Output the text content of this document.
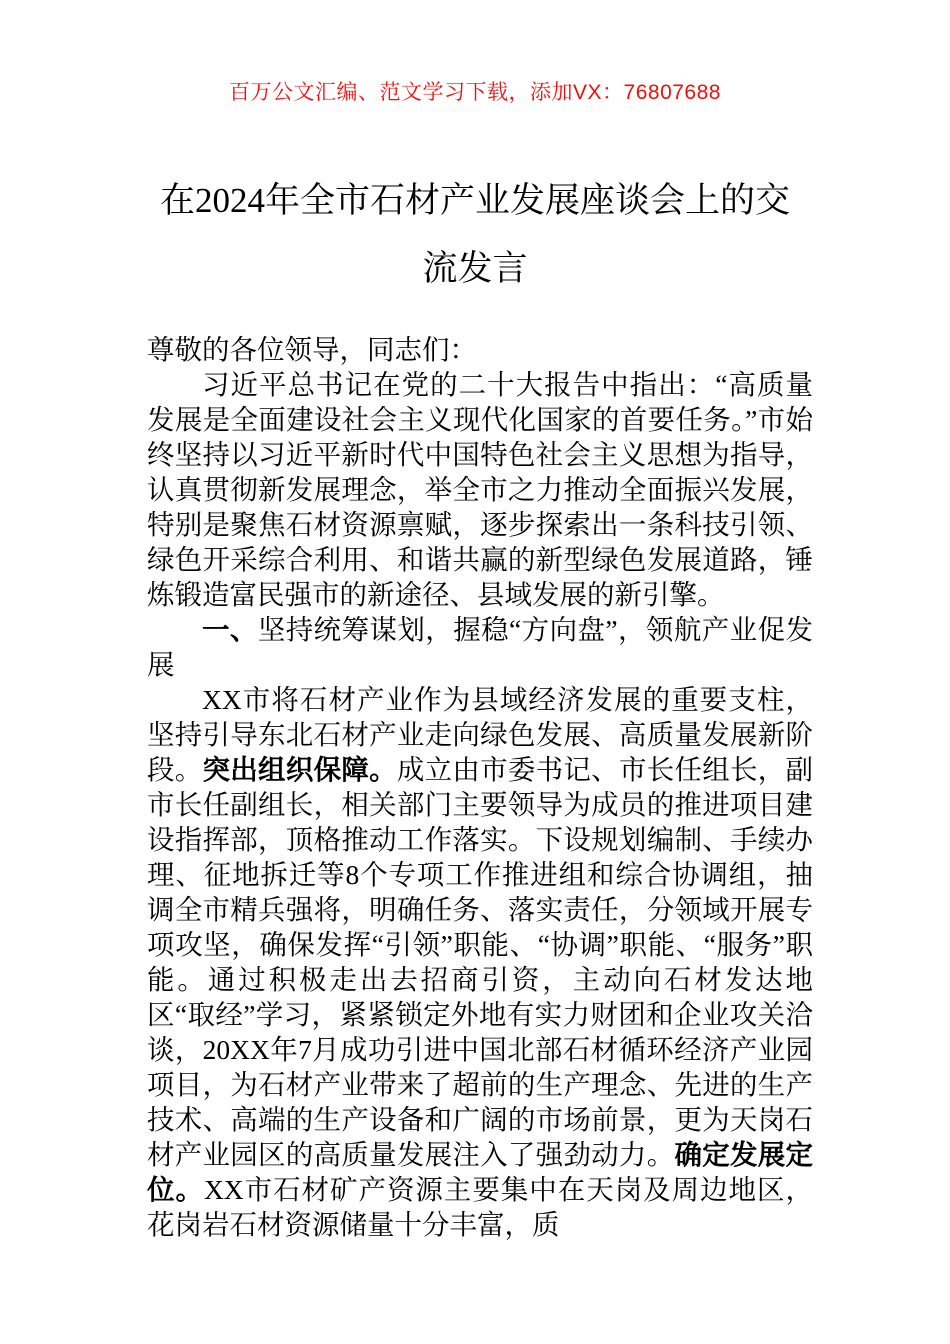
百万公文汇编、范文学习下载，添加VX：76807688
在2024年全市石材产业发展座谈会上的交
流发言

尊敬的各位领导，同志们：

习近平总书记在党的二十大报告中指出：“高质量发展是全面建设社会主义现代化国家的首要任务。”市始终坚持以习近平新时代中国特色社会主义思想为指导，认真贯彻新发展理念，举全市之力推动全面振兴发展，特别是聚焦石材资源禀赋，逐步探索出一条科技引领、绿色开采综合利用、和谐共赢的新型绿色发展道路，锤炼锻造富民强市的新途径、县域发展的新引擎。

一、坚持统筹谋划，握稳“方向盘”，领航产业促发展

XX市将石材产业作为县域经济发展的重要支柱，坚持引导东北石材产业走向绿色发展、高质量发展新阶段。突出组织保障。成立由市委书记、市长任组长，副市长任副组长，相关部门主要领导为成员的推进项目建设指挥部，顶格推动工作落实。下设规划编制、手续办理、征地拆迁等8个专项工作推进组和综合协调组，抽调全市精兵强将，明确任务、落实责任，分领域开展专项攻坚，确保发挥“引领”职能、“协调”职能、“服务”职能。通过积极走出去招商引资，主动向石材发达地区“取经”学习，紧紧锁定外地有实力财团和企业攻关洽谈，20XX年7月成功引进中国北部石材循环经济产业园项目，为石材产业带来了超前的生产理念、先进的生产技术、高端的生产设备和广阔的市场前景，更为天岗石材产业园区的高质量发展注入了强劲动力。确定发展定位。XX市石材矿产资源主要集中在天岗及周边地区，花岗岩石材资源储量十分丰富，质
